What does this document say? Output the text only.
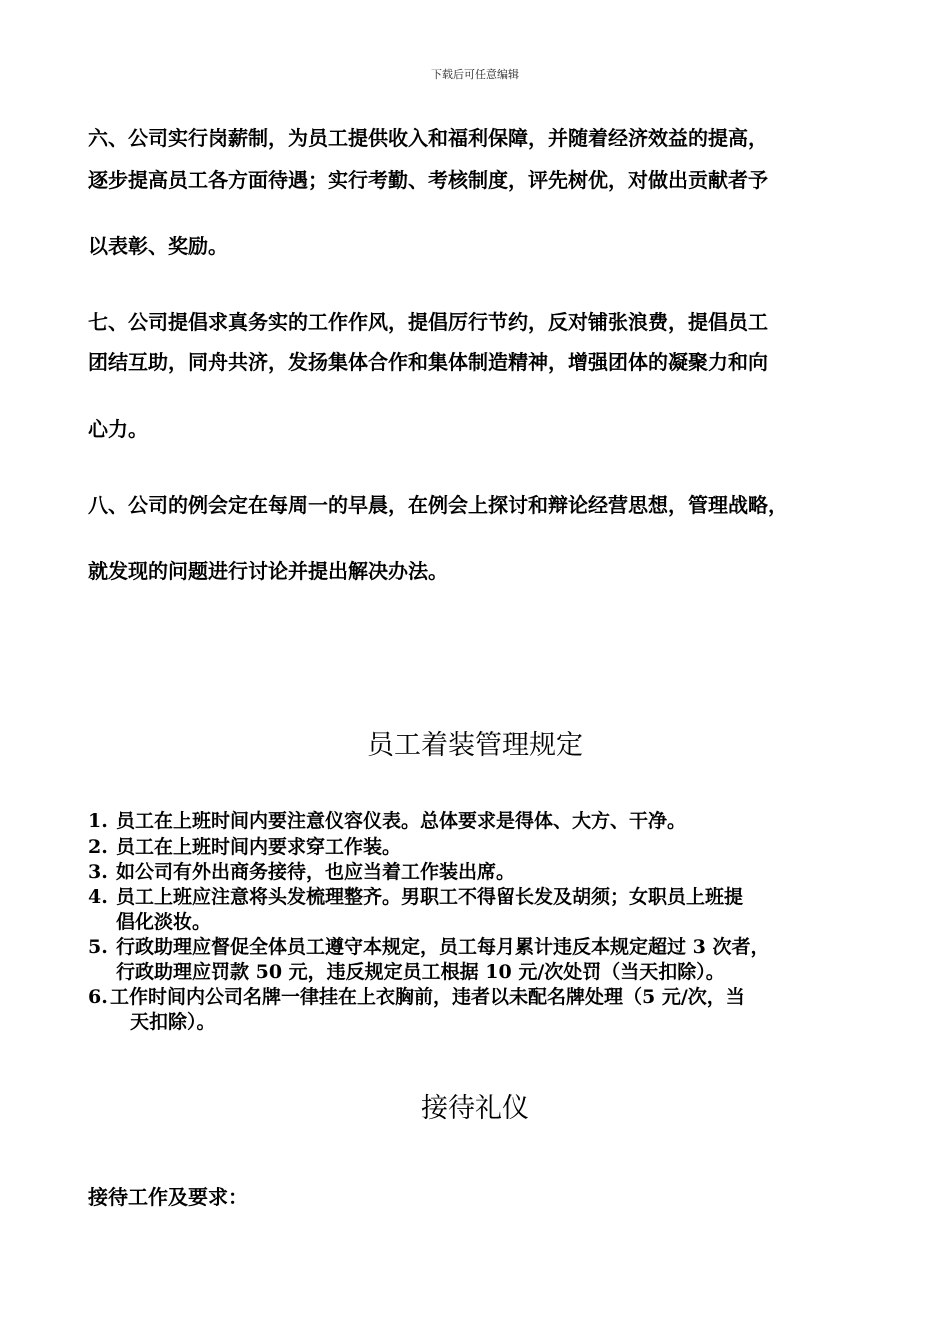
下载后可任意编辑
六、公司实行岗薪制，为员工提供收入和福利保障，并随着经济效益的提高，
逐步提高员工各方面待遇；实行考勤、考核制度，评先树优，对做出贡献者予
以表彰、奖励。
七、公司提倡求真务实的工作作风，提倡厉行节约，反对铺张浪费，提倡员工
团结互助，同舟共济，发扬集体合作和集体制造精神，增强团体的凝聚力和向
心力。
八、公司的例会定在每周一的早晨，在例会上探讨和辩论经营思想，管理战略，
就发现的问题进行讨论并提出解决办法。
员工着装管理规定
1. 员工在上班时间内要注意仪容仪表。总体要求是得体、大方、干净。
2. 员工在上班时间内要求穿工作装。
3. 如公司有外出商务接待，也应当着工作装出席。
4. 员工上班应注意将头发梳理整齐。男职工不得留长发及胡须；女职员上班提
倡化淡妆。
5. 行政助理应督促全体员工遵守本规定，员工每月累计违反本规定超过 3 次者，
行政助理应罚款 50 元，违反规定员工根据 10 元/次处罚（当天扣除）。
6. 工作时间内公司名牌一律挂在上衣胸前，违者以未配名牌处理（5 元/次，当
天扣除）。
接待礼仪
接待工作及要求：
